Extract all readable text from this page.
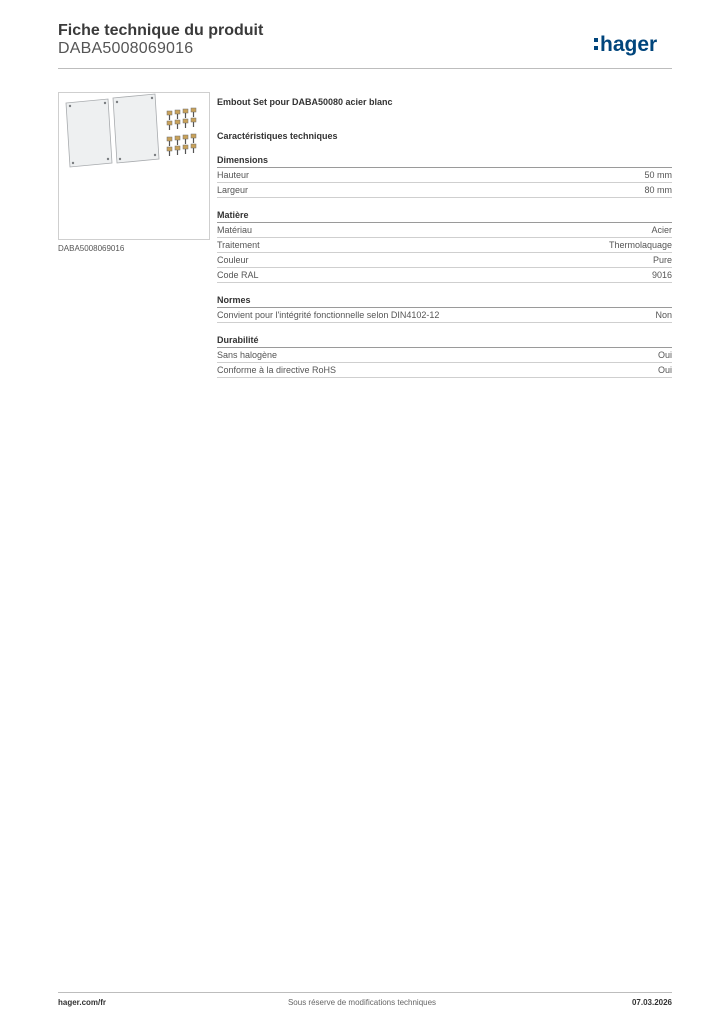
Fiche technique du produit
DABA5008069016	hager
DABA5008069016
Embout Set pour DABA50080 acier blanc
Caractéristiques techniques
Dimensions
Hauteur	50 mm
Largeur	80 mm
Matière
Matériau	Acier
Traitement	Thermolaquage
Couleur	Pure
Code RAL	9016
Normes
Convient pour l'intégrité fonctionnelle selon DIN4102-12	Non
Durabilité
Sans halogène	Oui
Conforme à la directive RoHS	Oui
hager.com/fr	Sous réserve de modifications techniques	07.03.2026
